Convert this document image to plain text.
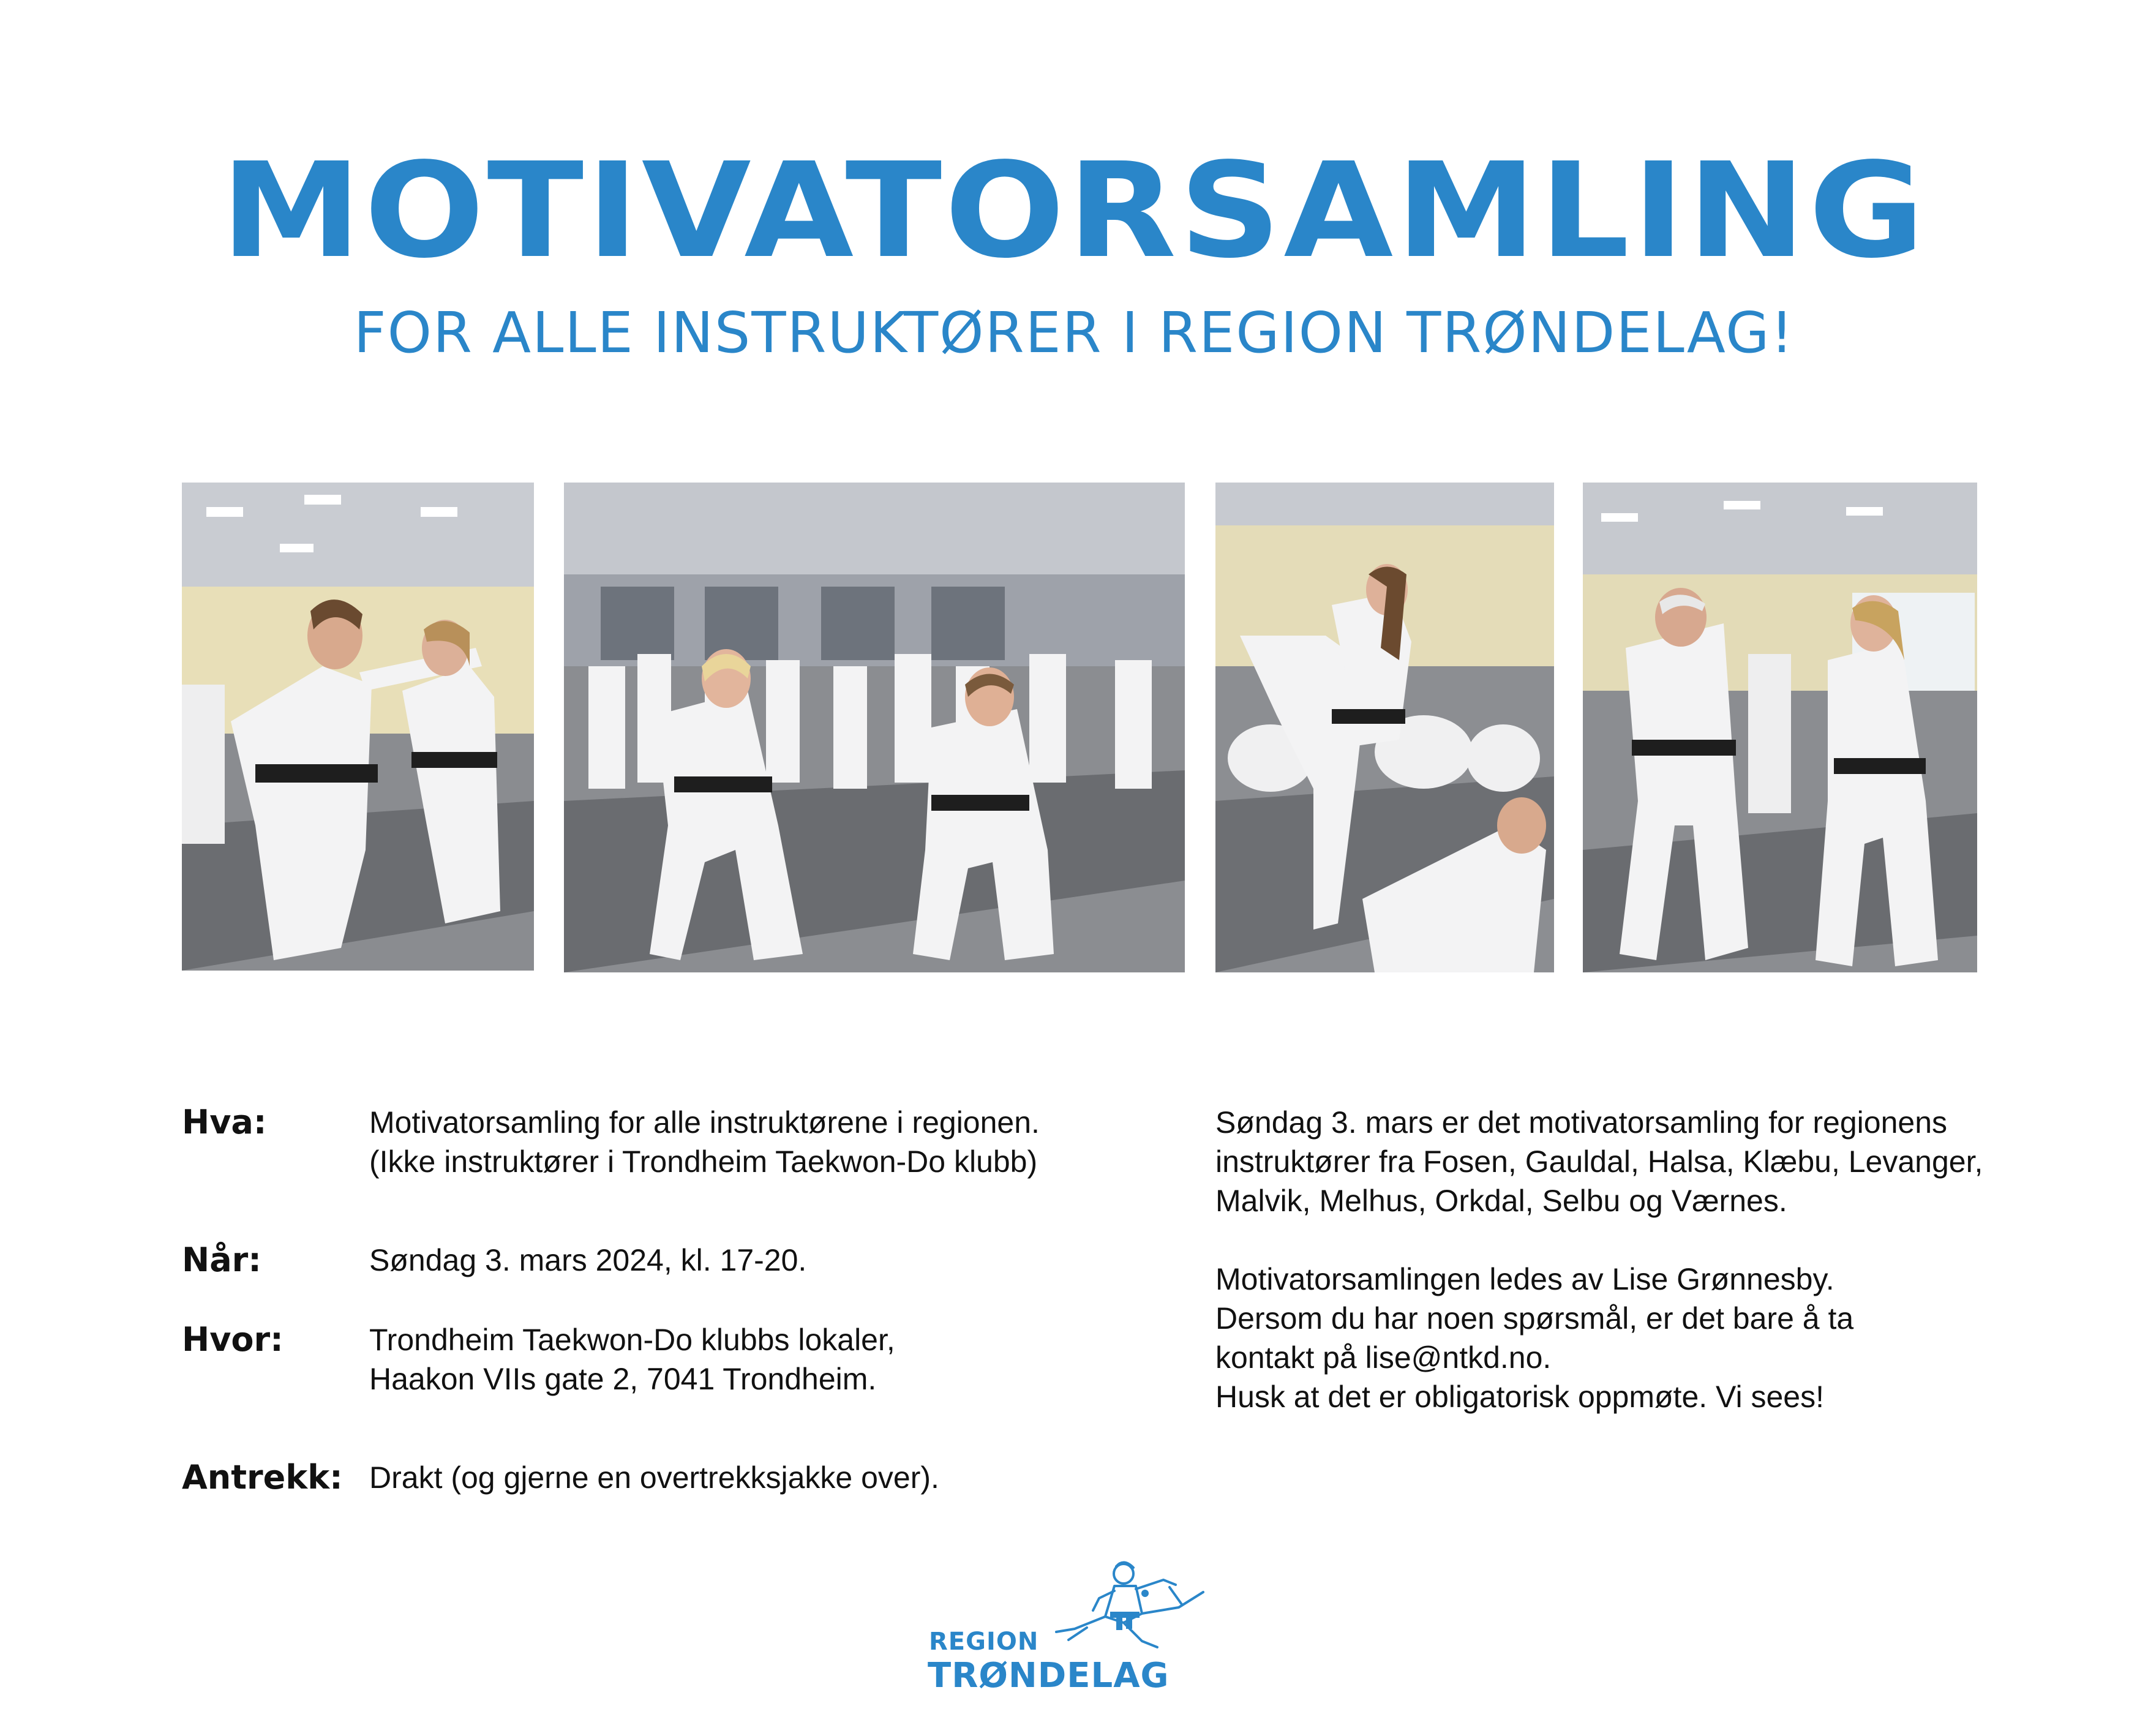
MOTIVATORSAMLING
FOR ALLE INSTRUKTØRER I REGION TRØNDELAG!
Hva:	Motivatorsamling for alle instruktørene i regionen.
(Ikke instruktører i Trondheim Taekwon-Do klubb)
Når:	Søndag 3. mars 2024, kl. 17-20.
Hvor:	Trondheim Taekwon-Do klubbs lokaler,
Haakon VIIs gate 2, 7041 Trondheim.
Antrekk: Drakt (og gjerne en overtrekksjakke over).

Søndag 3. mars er det motivatorsamling for regionens instruktører fra Fosen, Gauldal, Halsa, Klæbu, Levanger, Malvik, Melhus, Orkdal, Selbu og Værnes.

Motivatorsamlingen ledes av Lise Grønnesby.
Dersom du har noen spørsmål, er det bare å ta
kontakt på lise@ntkd.no.
Husk at det er obligatorisk oppmøte. Vi sees!

REGION
TRØNDELAG
